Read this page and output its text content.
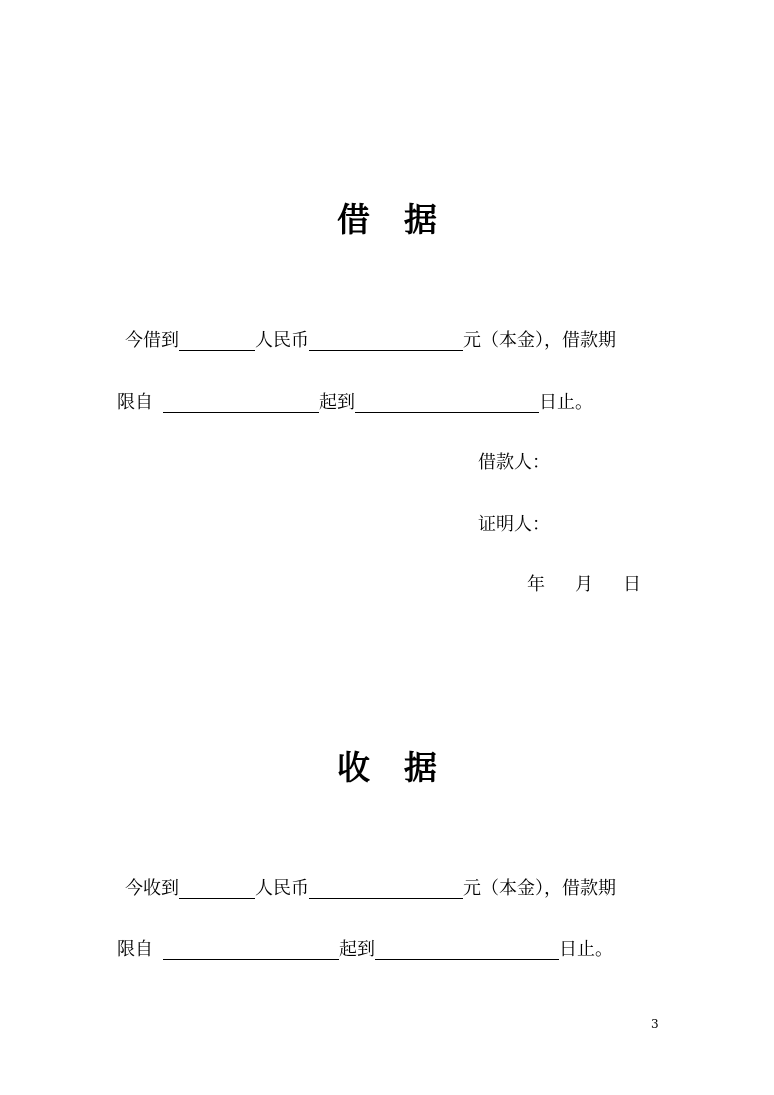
借 据
今借到	人民币	元（本金），借款期
限自	起到	日止。
借款人：
证明人：
年 月 日
收 据
今收到	人民币	元（本金），借款期
限自	起到	日止。
3
